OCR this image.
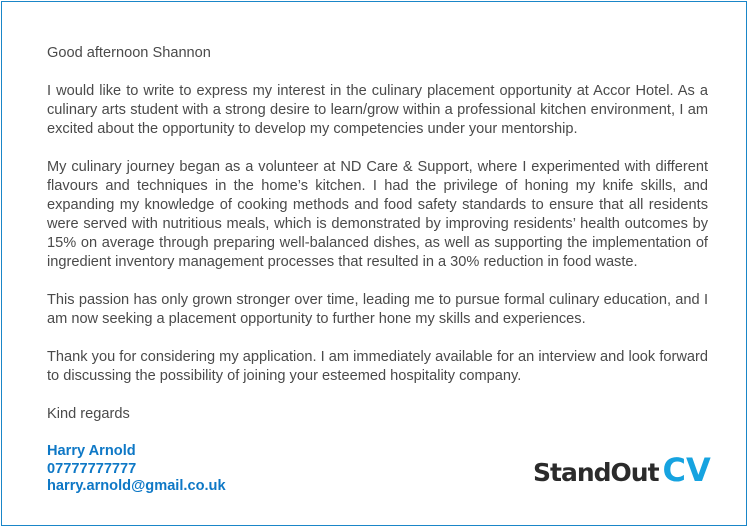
Good afternoon Shannon

I would like to write to express my interest in the culinary placement opportunity at Accor Hotel. As a culinary arts student with a strong desire to learn/grow within a professional kitchen environment, I am excited about the opportunity to develop my competencies under your mentorship.

My culinary journey began as a volunteer at ND Care & Support, where I experimented with different flavours and techniques in the home’s kitchen. I had the privilege of honing my knife skills, and expanding my knowledge of cooking methods and food safety standards to ensure that all residents were served with nutritious meals, which is demonstrated by improving residents’ health outcomes by 15% on average through preparing well-balanced dishes, as well as supporting the implementation of ingredient inventory management processes that resulted in a 30% reduction in food waste.

This passion has only grown stronger over time, leading me to pursue formal culinary education, and I am now seeking a placement opportunity to further hone my skills and experiences.

Thank you for considering my application. I am immediately available for an interview and look forward to discussing the possibility of joining your esteemed hospitality company.

Kind regards

Harry Arnold
07777777777
harry.arnold@gmail.co.uk	StandOut CV
